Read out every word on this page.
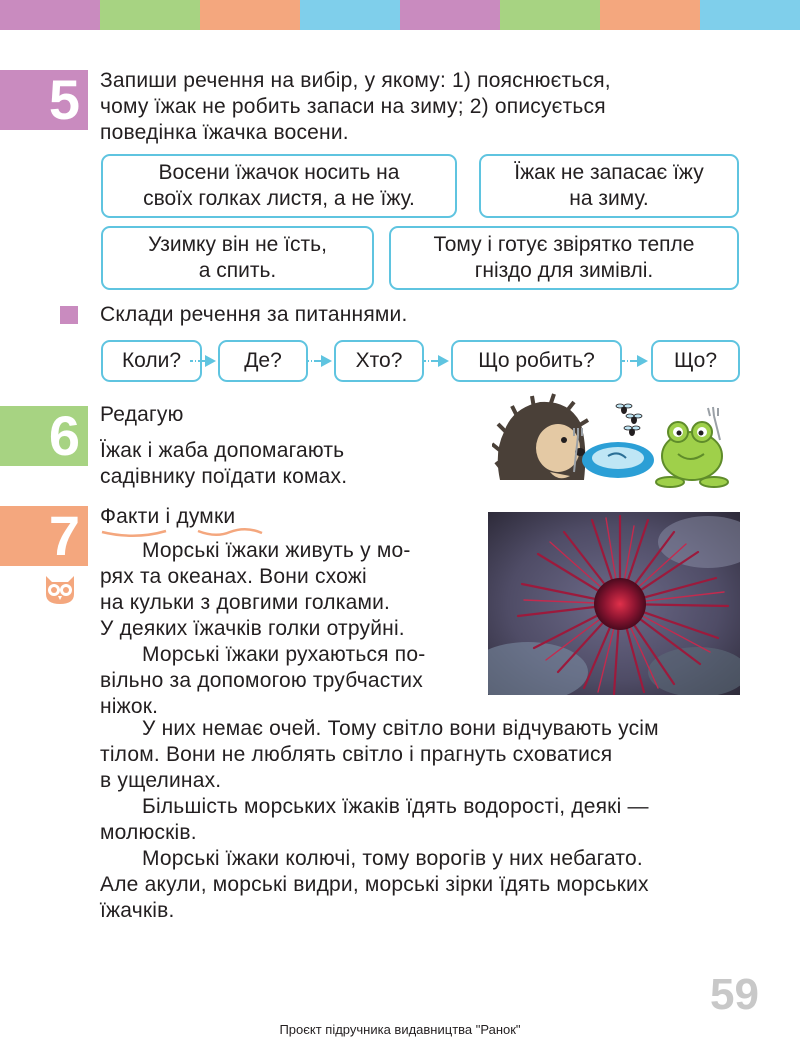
5 Запиши речення на вибір, у якому: 1) пояснюється,
чому їжак не робить запаси на зиму; 2) описується
поведінка їжачка восени.
Восени їжачок носить на
своїх голках листя, а не їжу.
Їжак не запасає їжу
на зиму.
Узимку він не їсть,
а спить.
Тому і готує звірятко тепле
гніздо для зимівлі.
Склади речення за питаннями.
Коли?	Де?	Хто?	Що робить?	Що?
6 Редагую
Їжак і жаба допомагають
садівнику поїдати комах.
7 Факти і думки
Морські їжаки живуть у мо-
рях та океанах. Вони схожі
на кульки з довгими голками.
У деяких їжачків голки отруйні.
Морські їжаки рухаються по-
вільно за допомогою трубчастих
ніжок.
У них немає очей. Тому світло вони відчувають усім
тілом. Вони не люблять світло і прагнуть сховатися
в ущелинах.
Більшість морських їжаків їдять водорості, деякі —
молюсків.
Морські їжаки колючі, тому ворогів у них небагато.
Але акули, морські видри, морські зірки їдять морських
їжачків.
59
Проєкт підручника видавництва "Ранок"
